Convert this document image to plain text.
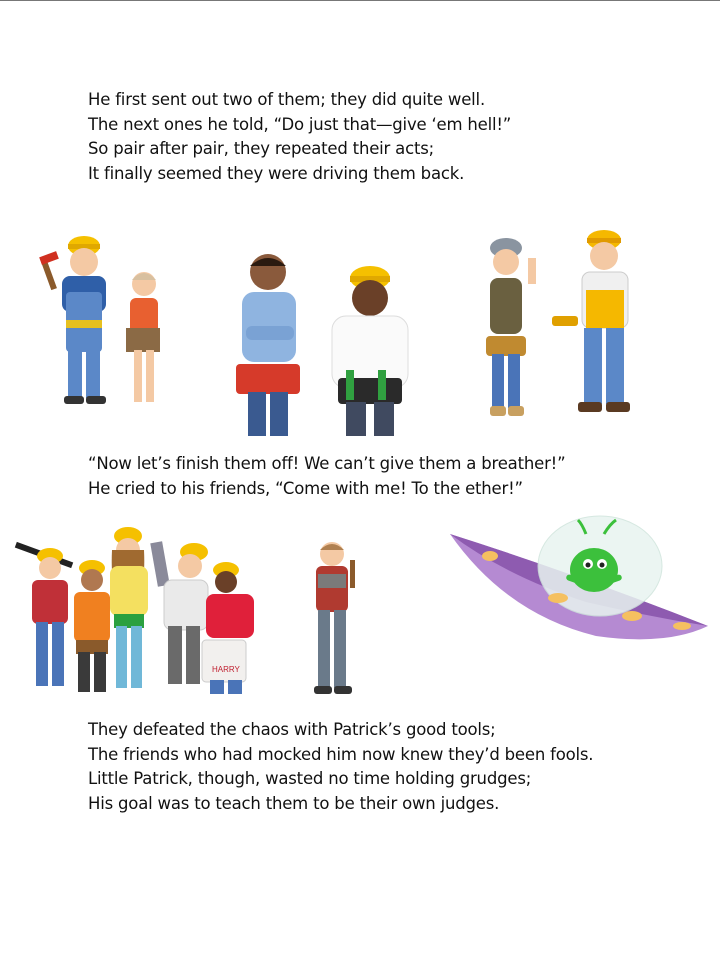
He first sent out two of them; they did quite well.
The next ones he told, “Do just that—give ‘em hell!”
So pair after pair, they repeated their acts;
It finally seemed they were driving them back.
“Now let’s finish them off! We can’t give them a breather!”
He cried to his friends, “Come with me! To the ether!”
HARRY
They defeated the chaos with Patrick’s good tools;
The friends who had mocked him now knew they’d been fools.
Little Patrick, though, wasted no time holding grudges;
His goal was to teach them to be their own judges.
